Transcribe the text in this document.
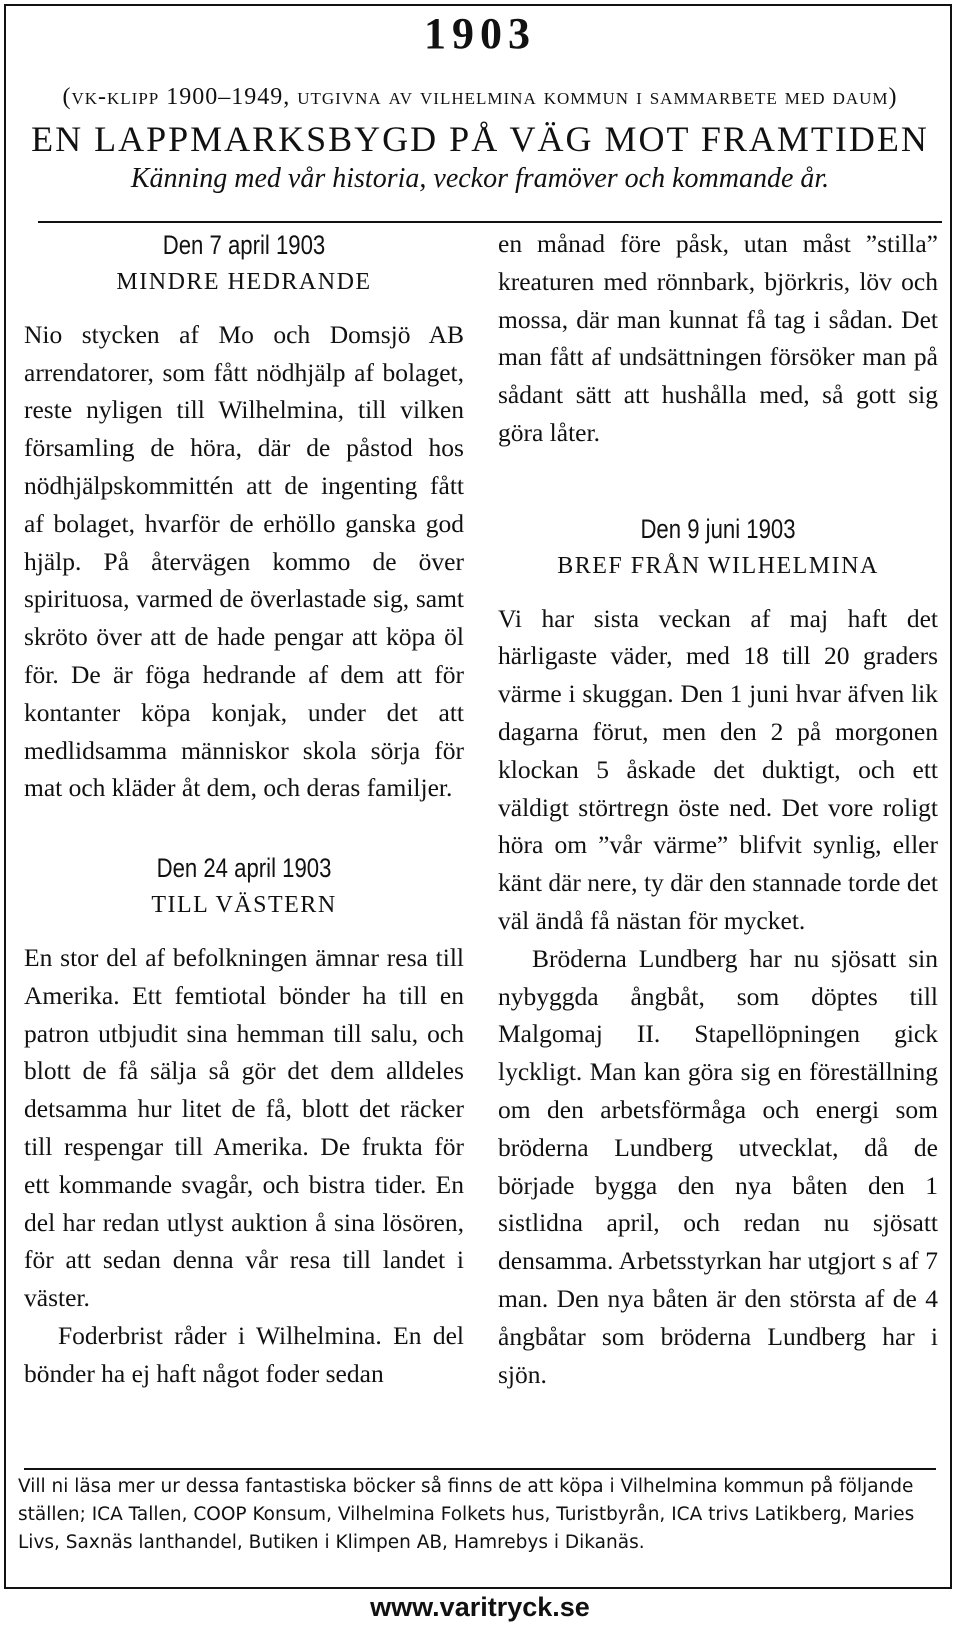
1903
(vk-klipp 1900–1949, utgivna av vilhelmina kommun i sammarbete med daum)
EN LAPPMARKSBYGD PÅ VÄG MOT FRAMTIDEN
Känning med vår historia, veckor framöver och kommande år.
Den 7 april 1903
MINDRE HEDRANDE

Nio stycken af Mo och Domsjö AB arrendatorer, som fått nödhjälp af bolaget, reste nyligen till Wilhelmina, till vilken församling de höra, där de påstod hos nödhjälpskommittén att de ingenting fått af bolaget, hvarför de erhöllo ganska god hjälp. På återvägen kommo de över spirituosa, varmed de överlastade sig, samt skröto över att de hade pengar att köpa öl för. De är föga hedrande af dem att för kontanter köpa konjak, under det att medlidsamma människor skola sörja för mat och kläder åt dem, och deras familjer.

Den 24 april 1903
TILL VÄSTERN

En stor del af befolkningen ämnar resa till Amerika. Ett femtiotal bönder ha till en patron utbjudit sina hemman till salu, och blott de få sälja så gör det dem alldeles detsamma hur litet de få, blott det räcker till respengar till Amerika. De frukta för ett kommande svagår, och bistra tider. En del har redan utlyst auktion å sina lösören, för att sedan denna vår resa till landet i väster.

Foderbrist råder i Wilhelmina. En del bönder ha ej haft något foder sedan

en månad före påsk, utan måst ”stilla” kreaturen med rönnbark, björkris, löv och mossa, där man kunnat få tag i sådan. Det man fått af undsättningen försöker man på sådant sätt att hushålla med, så gott sig göra låter.

Den 9 juni 1903
BREF FRÅN WILHELMINA

Vi har sista veckan af maj haft det härligaste väder, med 18 till 20 graders värme i skuggan. Den 1 juni hvar äfven lik dagarna förut, men den 2 på morgonen klockan 5 åskade det duktigt, och ett väldigt störtregn öste ned. Det vore roligt höra om ”vår värme” blifvit synlig, eller känt där nere, ty där den stannade torde det väl ändå få nästan för mycket.

Bröderna Lundberg har nu sjösatt sin nybyggda ångbåt, som döptes till Malgomaj II. Stapellöpningen gick lyckligt. Man kan göra sig en föreställning om den arbetsförmåga och energi som bröderna Lundberg utvecklat, då de började bygga den nya båten den 1 sistlidna april, och redan nu sjösatt densamma. Arbetsstyrkan har utgjort s af 7 man. Den nya båten är den största af de 4 ångbåtar som bröderna Lundberg har i sjön.

Vill ni läsa mer ur dessa fantastiska böcker så finns de att köpa i Vilhelmina kommun på följande ställen; ICA Tallen, COOP Konsum, Vilhelmina Folkets hus, Turistbyrån, ICA trivs Latikberg, Maries Livs, Saxnäs lanthandel, Butiken i Klimpen AB, Hamrebys i Dikanäs.
www.varitryck.se
